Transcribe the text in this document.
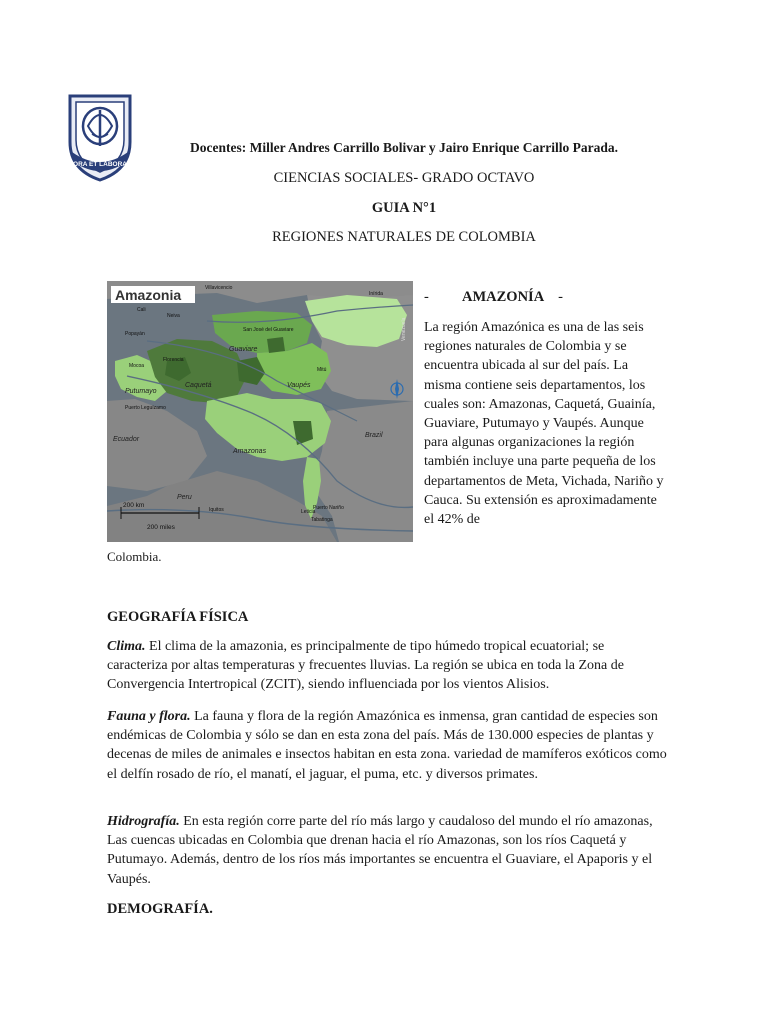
ORA ET LABORA
Docentes: Miller Andres Carrillo Bolivar y Jairo Enrique Carrillo Parada.
CIENCIAS SOCIALES- GRADO OCTAVO
GUIA N°1
REGIONES NATURALES DE COLOMBIA
Amazonia	Villavicencio
Inírida
Cali
Neiva
Popayán
Florencia
Mocoa
Puerto Leguízamo
San José del Guaviare
Mitú
Iquitos	Leticia
Tabatinga
Puerto Nariño
Guaviare
Caquetá
Putumayo
Vaupés
Amazonas
Brazil
Ecuador
Peru
Venezuela
200 km
200 miles
- AMAZONÍA -
La región Amazónica es una de las seis regiones naturales de Colombia y se encuentra ubicada al sur del país. La misma contiene seis departamentos, los cuales son: Amazonas, Caquetá, Guainía, Guaviare, Putumayo y Vaupés. Aunque para algunas organizaciones la región también incluye una parte pequeña de los departamentos de Meta, Vichada, Nariño y Cauca. Su extensión es aproximadamente el 42% de
Colombia.
GEOGRAFÍA FÍSICA
Clima. El clima de la amazonia, es principalmente de tipo húmedo tropical ecuatorial; se caracteriza por altas temperaturas y frecuentes lluvias. La región se ubica en toda la Zona de Convergencia Intertropical (ZCIT), siendo influenciada por los vientos Alisios.
Fauna y flora. La fauna y flora de la región Amazónica es inmensa, gran cantidad de especies son endémicas de Colombia y sólo se dan en esta zona del país. Más de 130.000 especies de plantas y decenas de miles de animales e insectos habitan en esta zona. variedad de mamíferos exóticos como el delfín rosado de río, el manatí, el jaguar, el puma, etc. y diversos primates.
Hidrografía. En esta región corre parte del río más largo y caudaloso del mundo el río amazonas, Las cuencas ubicadas en Colombia que drenan hacia el río Amazonas, son los ríos Caquetá y Putumayo. Además, dentro de los ríos más importantes se encuentra el Guaviare, el Apaporis y el Vaupés.
DEMOGRAFÍA.
